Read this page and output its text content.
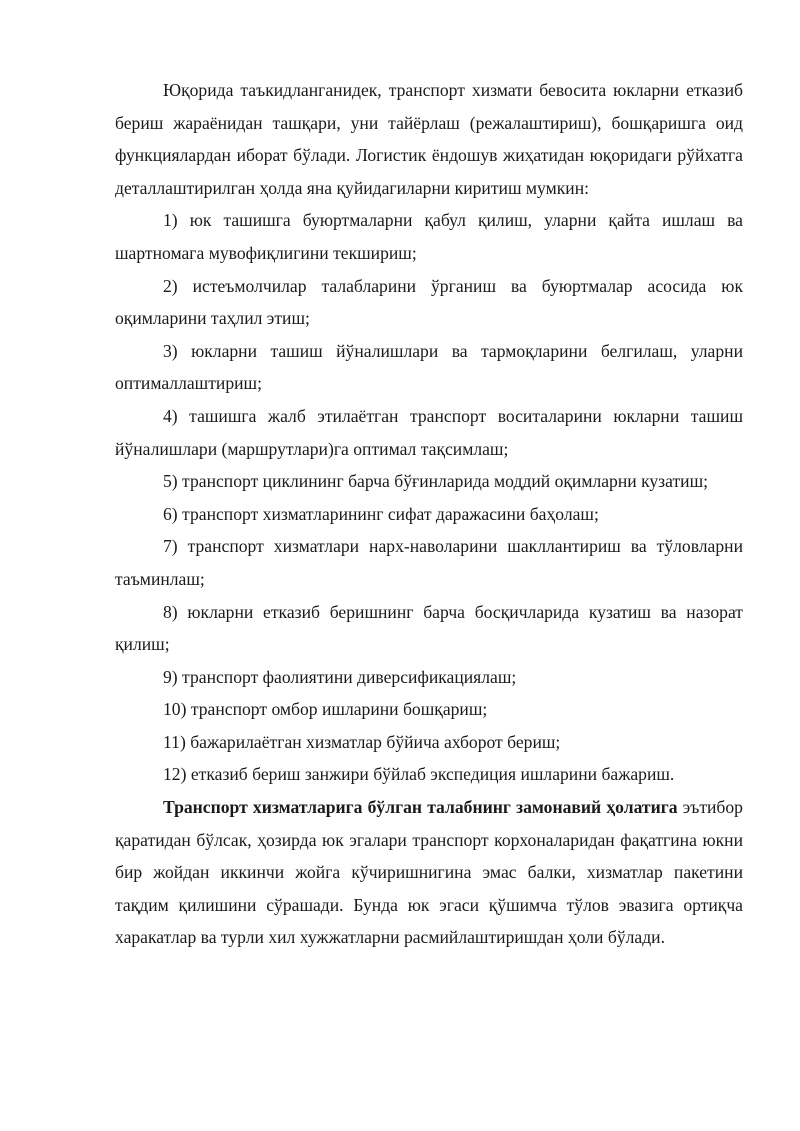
Юқорида таъкидланганидек, транспорт хизмати бевосита юкларни етказиб бериш жараёнидан ташқари, уни тайёрлаш (режалаштириш), бошқаришга оид функциялардан иборат бўлади. Логистик ёндошув жиҳатидан юқоридаги рўйхатга деталлаштирилган ҳолда яна қуйидагиларни киритиш мумкин:

1) юк ташишга буюртмаларни қабул қилиш, уларни қайта ишлаш ва шартномага мувофиқлигини текшириш;

2) истеъмолчилар талабларини ўрганиш ва буюртмалар асосида юк оқимларини таҳлил этиш;

3) юкларни ташиш йўналишлари ва тармоқларини белгилаш, уларни оптималлаштириш;

4) ташишга жалб этилаётган транспорт воситаларини юкларни ташиш йўналишлари (маршрутлари)га оптимал тақсимлаш;

5) транспорт циклининг барча бўғинларида моддий оқимларни кузатиш;

6) транспорт хизматларининг сифат даражасини баҳолаш;

7) транспорт хизматлари нарх-наволарини шакллантириш ва тўловларни таъминлаш;

8) юкларни етказиб беришнинг барча босқичларида кузатиш ва назорат қилиш;

9) транспорт фаолиятини диверсификациялаш;

10) транспорт омбор ишларини бошқариш;

11) бажарилаётган хизматлар бўйича ахборот бериш;

12) етказиб бериш занжири бўйлаб экспедиция ишларини бажариш.

Транспорт хизматларига бўлган талабнинг замонавий ҳолатига эътибор қаратидан бўлсак, ҳозирда юк эгалари транспорт корхоналаридан фақатгина юкни бир жойдан иккинчи жойга кўчиришнигина эмас балки, хизматлар пакетини тақдим қилишини сўрашади. Бунда юк эгаси қўшимча тўлов эвазига ортиқча харакатлар ва турли хил хужжатларни расмийлаштиришдан ҳоли бўлади.
